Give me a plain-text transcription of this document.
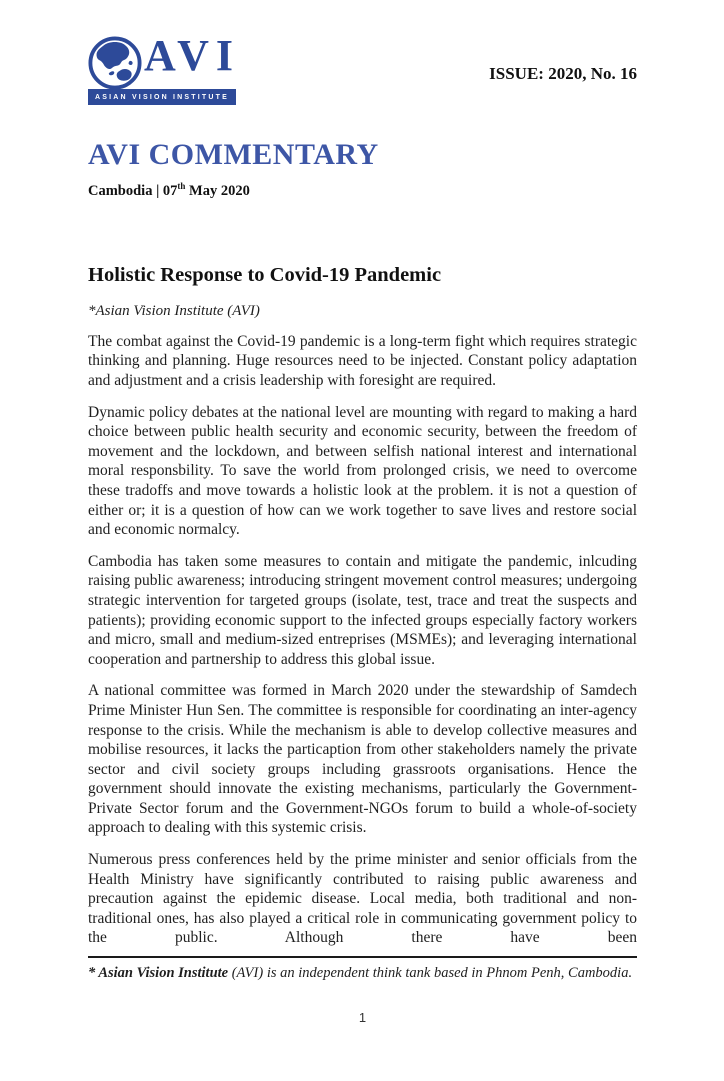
AVI
ASIAN VISION INSTITUTE
ISSUE: 2020, No. 16
AVI COMMENTARY
Cambodia | 07th May 2020
Holistic Response to Covid-19 Pandemic
*Asian Vision Institute (AVI)

The combat against the Covid-19 pandemic is a long-term fight which requires strategic thinking and planning. Huge resources need to be injected. Constant policy adaptation and adjustment and a crisis leadership with foresight are required.

Dynamic policy debates at the national level are mounting with regard to making a hard choice between public health security and economic security, between the freedom of movement and the lockdown, and between selfish national interest and international moral responsbility. To save the world from prolonged crisis, we need to overcome these tradoffs and move towards a holistic look at the problem. it is not a question of either or; it is a question of how can we work together to save lives and restore social and economic normalcy.

Cambodia has taken some measures to contain and mitigate the pandemic, inlcuding raising public awareness; introducing stringent movement control measures; undergoing strategic intervention for targeted groups (isolate, test, trace and treat the suspects and patients); providing economic support to the infected groups especially factory workers and micro, small and medium-sized entreprises (MSMEs); and leveraging international cooperation and partnership to address this global issue.

A national committee was formed in March 2020 under the stewardship of Samdech Prime Minister Hun Sen. The committee is responsible for coordinating an inter-agency response to the crisis. While the mechanism is able to develop collective measures and mobilise resources, it lacks the particaption from other stakeholders namely the private sector and civil society groups including grassroots organisations. Hence the government should innovate the existing mechanisms, particularly the Government-Private Sector forum and the Government-NGOs forum to build a whole-of-society approach to dealing with this systemic crisis.

Numerous press conferences held by the prime minister and senior officials from the Health Ministry have significantly contributed to raising public awareness and precaution against the epidemic disease. Local media, both traditional and non-traditional ones, has also played a critical role in communicating government policy to the public. Although there have been

* Asian Vision Institute (AVI) is an independent think tank based in Phnom Penh, Cambodia.
1
